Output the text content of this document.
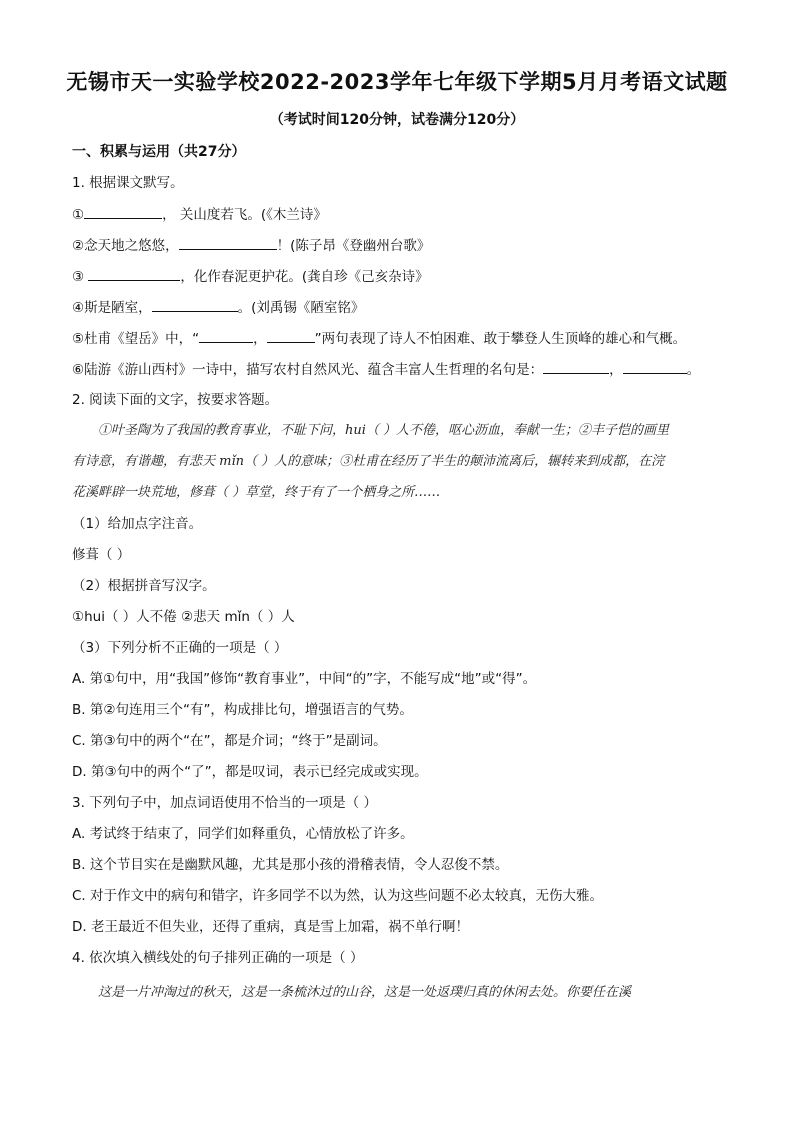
无锡市天一实验学校2022-2023学年七年级下学期5月月考语文试题
（考试时间120分钟，试卷满分120分）
一、积累与运用（共27分）
1. 根据课文默写。
①	， 关山度若飞。(《木兰诗》
②念天地之悠悠，	！(陈子昂《登幽州台歌》
③	，化作春泥更护花。(龚自珍《己亥杂诗》
④斯是陋室，	。(刘禹锡《陋室铭》
⑤杜甫《望岳》中，“	，	”两句表现了诗人不怕困难、敢于攀登人生顶峰的雄心和气概。
⑥陆游《游山西村》一诗中，描写农村自然风光、蕴含丰富人生哲理的名句是：	，	。
2. 阅读下面的文字，按要求答题。
①叶圣陶为了我国的教育事业，不耻下问，hui（ ）人不倦，呕心沥血，奉献一生；②丰子恺的画里
有诗意，有谐趣，有悲天 mǐn（ ）人的意味；③杜甫在经历了半生的颠沛流离后，辗转来到成都，在浣
花溪畔辟一块荒地，修葺（ ）草堂，终于有了一个栖身之所……
（1）给加点字注音。
修葺（ ）
（2）根据拼音写汉字。
①hui（ ）人不倦 ②悲天 mǐn（ ）人
（3）下列分析不正确的一项是（ ）
A. 第①句中，用“我国”修饰“教育事业”，中间“的”字，不能写成“地”或“得”。
B. 第②句连用三个“有”，构成排比句，增强语言的气势。
C. 第③句中的两个“在”，都是介词；“终于”是副词。
D. 第③句中的两个“了”，都是叹词，表示已经完成或实现。
3. 下列句子中，加点词语使用不恰当的一项是（ ）
A. 考试终于结束了，同学们如释重负，心情放松了许多。
B. 这个节目实在是幽默风趣，尤其是那小孩的滑稽表情，令人忍俊不禁。
C. 对于作文中的病句和错字，许多同学不以为然，认为这些问题不必太较真，无伤大雅。
D. 老王最近不但失业，还得了重病，真是雪上加霜，祸不单行啊！
4. 依次填入横线处的句子排列正确的一项是（ ）
这是一片冲淘过的秋天，这是一条梳沐过的山谷，这是一处返璞归真的休闲去处。你要任在溪
